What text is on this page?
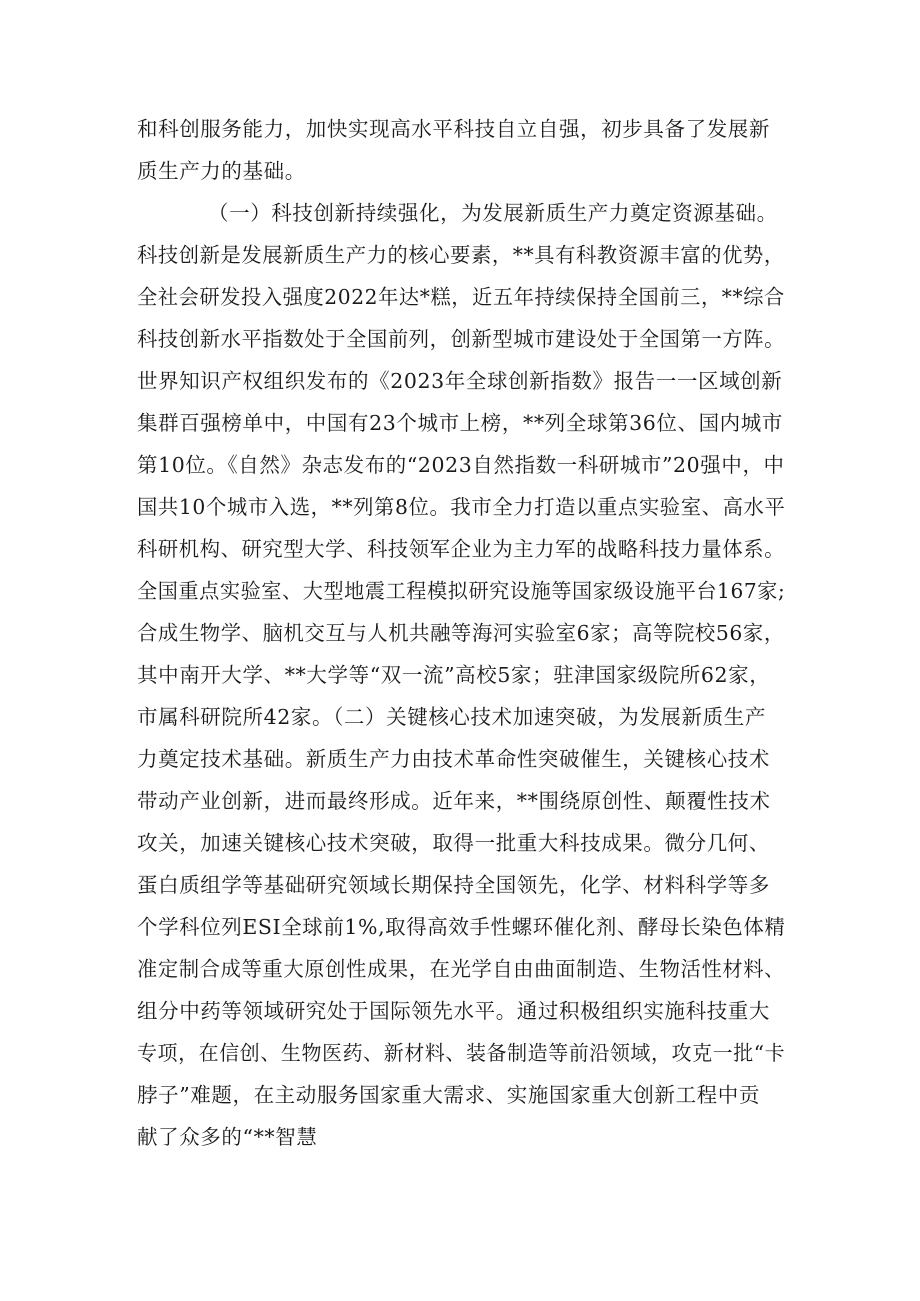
和科创服务能力，加快实现高水平科技自立自强，初步具备了发展新
质生产力的基础。
（一）科技创新持续强化，为发展新质生产力奠定资源基础。
科技创新是发展新质生产力的核心要素，**具有科教资源丰富的优势，
全社会研发投入强度2022年达*糕，近五年持续保持全国前三，**综合
科技创新水平指数处于全国前列，创新型城市建设处于全国第一方阵。
世界知识产权组织发布的《2023年全球创新指数》报告一一区域创新
集群百强榜单中，中国有23个城市上榜，**列全球第36位、国内城市
第10位。《自然》杂志发布的“2023自然指数一科研城市”20强中，中
国共10个城市入选，**列第8位。我市全力打造以重点实验室、高水平
科研机构、研究型大学、科技领军企业为主力军的战略科技力量体系。
全国重点实验室、大型地震工程模拟研究设施等国家级设施平台167家;
合成生物学、脑机交互与人机共融等海河实验室6家；高等院校56家，
其中南开大学、**大学等“双一流”高校5家；驻津国家级院所62家，
市属科研院所42家。（二）关键核心技术加速突破，为发展新质生产
力奠定技术基础。新质生产力由技术革命性突破催生，关键核心技术
带动产业创新，进而最终形成。近年来，**围绕原创性、颠覆性技术
攻关，加速关键核心技术突破，取得一批重大科技成果。微分几何、
蛋白质组学等基础研究领域长期保持全国领先，化学、材料科学等多
个学科位列ESI全球前1%,取得高效手性螺环催化剂、酵母长染色体精
准定制合成等重大原创性成果，在光学自由曲面制造、生物活性材料、
组分中药等领域研究处于国际领先水平。通过积极组织实施科技重大
专项，在信创、生物医药、新材料、装备制造等前沿领域，攻克一批“卡
脖子”难题，在主动服务国家重大需求、实施国家重大创新工程中贡
献了众多的“**智慧
